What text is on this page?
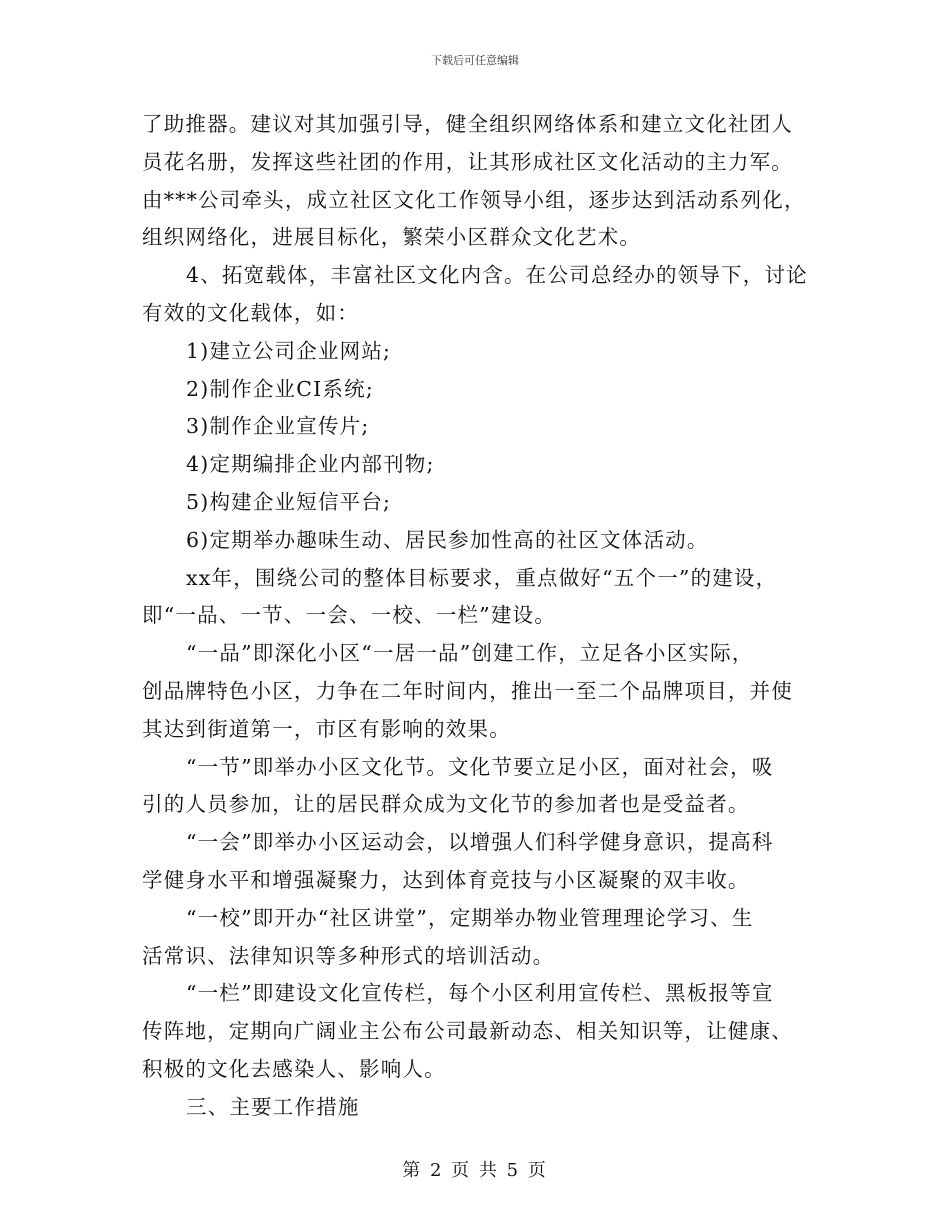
下载后可任意编辑

了助推器。建议对其加强引导，健全组织网络体系和建立文化社团人

员花名册，发挥这些社团的作用，让其形成社区文化活动的主力军。

由***公司牵头，成立社区文化工作领导小组，逐步达到活动系列化，

组织网络化，进展目标化，繁荣小区群众文化艺术。

4、拓宽载体，丰富社区文化内含。在公司总经办的领导下，讨论

有效的文化载体，如：

1)建立公司企业网站;

2)制作企业CI系统;

3)制作企业宣传片;

4)定期编排企业内部刊物;

5)构建企业短信平台;

6)定期举办趣味生动、居民参加性高的社区文体活动。

xx年，围绕公司的整体目标要求，重点做好“五个一”的建设，

即“一品、一节、一会、一校、一栏”建设。

“一品”即深化小区“一居一品”创建工作，立足各小区实际，

创品牌特色小区，力争在二年时间内，推出一至二个品牌项目，并使

其达到街道第一，市区有影响的效果。

“一节”即举办小区文化节。文化节要立足小区，面对社会，吸

引的人员参加，让的居民群众成为文化节的参加者也是受益者。

“一会”即举办小区运动会，以增强人们科学健身意识，提高科

学健身水平和增强凝聚力，达到体育竞技与小区凝聚的双丰收。

“一校”即开办“社区讲堂”，定期举办物业管理理论学习、生

活常识、法律知识等多种形式的培训活动。

“一栏”即建设文化宣传栏，每个小区利用宣传栏、黑板报等宣

传阵地，定期向广阔业主公布公司最新动态、相关知识等，让健康、

积极的文化去感染人、影响人。

三、主要工作措施

第 2 页 共 5 页
